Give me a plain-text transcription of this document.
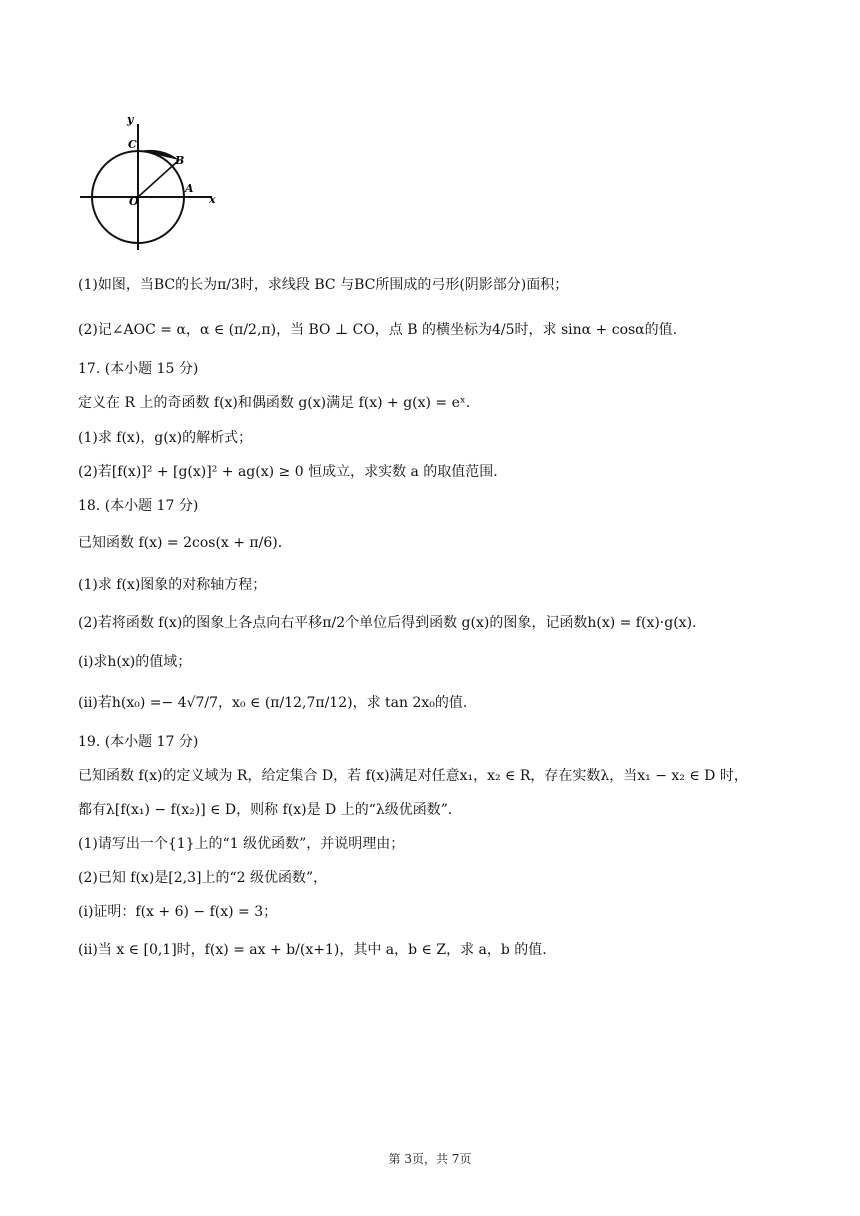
y
x
C
B
A
O
(1)如图，当BC的长为π/3时，求线段 BC 与BC所围成的弓形(阴影部分)面积；
(2)记∠AOC = α，α ∈ (π/2,π)，当 BO ⊥ CO，点 B 的横坐标为4/5时，求 sinα + cosα的值.
17. (本小题 15 分)
定义在 R 上的奇函数 f(x)和偶函数 g(x)满足 f(x) + g(x) = eˣ.
(1)求 f(x)，g(x)的解析式；
(2)若[f(x)]² + [g(x)]² + ag(x) ≥ 0 恒成立，求实数 a 的取值范围.
18. (本小题 17 分)
已知函数 f(x) = 2cos(x + π/6).
(1)求 f(x)图象的对称轴方程；
(2)若将函数 f(x)的图象上各点向右平移π/2个单位后得到函数 g(x)的图象，记函数h(x) = f(x)·g(x).
(ⅰ)求h(x)的值域；
(ⅱ)若h(x₀) =− 4√7/7，x₀ ∈ (π/12,7π/12)，求 tan 2x₀的值.
19. (本小题 17 分)
已知函数 f(x)的定义域为 R，给定集合 D，若 f(x)满足对任意x₁，x₂ ∈ R，存在实数λ，当x₁ − x₂ ∈ D 时，
都有λ[f(x₁) − f(x₂)] ∈ D，则称 f(x)是 D 上的“λ级优函数”.
(1)请写出一个{1}上的“1 级优函数”，并说明理由；
(2)已知 f(x)是[2,3]上的“2 级优函数”，
(ⅰ)证明：f(x + 6) − f(x) = 3；
(ⅱ)当 x ∈ [0,1]时，f(x) = ax + b/(x+1)，其中 a，b ∈ Z，求 a，b 的值.
第 3页，共 7页
